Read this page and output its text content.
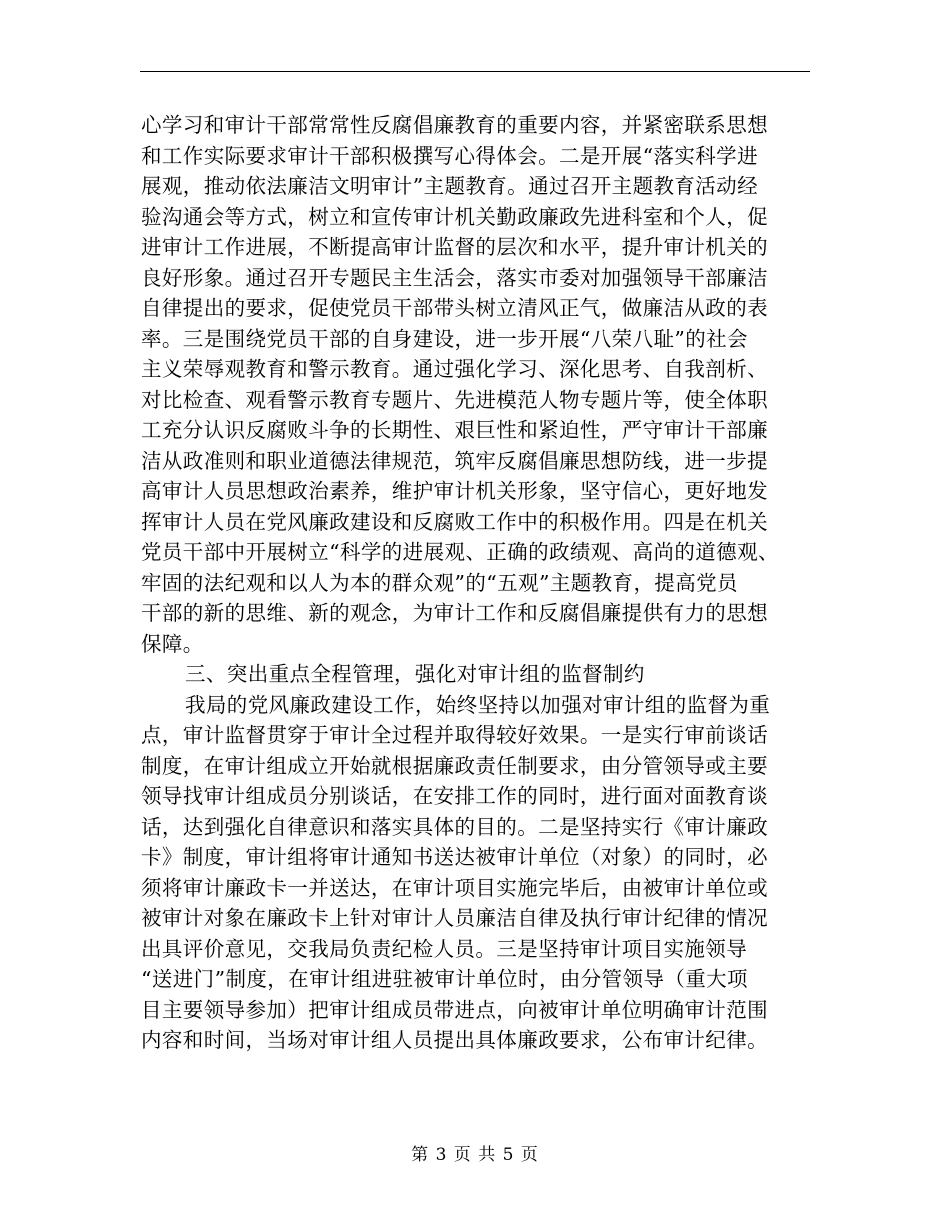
心学习和审计干部常常性反腐倡廉教育的重要内容，并紧密联系思想
和工作实际要求审计干部积极撰写心得体会。二是开展“落实科学进
展观，推动依法廉洁文明审计”主题教育。通过召开主题教育活动经
验沟通会等方式，树立和宣传审计机关勤政廉政先进科室和个人，促
进审计工作进展，不断提高审计监督的层次和水平，提升审计机关的
良好形象。通过召开专题民主生活会，落实市委对加强领导干部廉洁
自律提出的要求，促使党员干部带头树立清风正气，做廉洁从政的表
率。三是围绕党员干部的自身建设，进一步开展“八荣八耻”的社会
主义荣辱观教育和警示教育。通过强化学习、深化思考、自我剖析、
对比检查、观看警示教育专题片、先进模范人物专题片等，使全体职
工充分认识反腐败斗争的长期性、艰巨性和紧迫性，严守审计干部廉
洁从政准则和职业道德法律规范，筑牢反腐倡廉思想防线，进一步提
高审计人员思想政治素养，维护审计机关形象，坚守信心，更好地发
挥审计人员在党风廉政建设和反腐败工作中的积极作用。四是在机关
党员干部中开展树立“科学的进展观、正确的政绩观、高尚的道德观、
牢固的法纪观和以人为本的群众观”的“五观”主题教育，提高党员
干部的新的思维、新的观念，为审计工作和反腐倡廉提供有力的思想
保障。
三、突出重点全程管理，强化对审计组的监督制约
我局的党风廉政建设工作，始终坚持以加强对审计组的监督为重
点，审计监督贯穿于审计全过程并取得较好效果。一是实行审前谈话
制度，在审计组成立开始就根据廉政责任制要求，由分管领导或主要
领导找审计组成员分别谈话，在安排工作的同时，进行面对面教育谈
话，达到强化自律意识和落实具体的目的。二是坚持实行《审计廉政
卡》制度，审计组将审计通知书送达被审计单位（对象）的同时，必
须将审计廉政卡一并送达，在审计项目实施完毕后，由被审计单位或
被审计对象在廉政卡上针对审计人员廉洁自律及执行审计纪律的情况
出具评价意见，交我局负责纪检人员。三是坚持审计项目实施领导
“送进门”制度，在审计组进驻被审计单位时，由分管领导（重大项
目主要领导参加）把审计组成员带进点，向被审计单位明确审计范围
内容和时间，当场对审计组人员提出具体廉政要求，公布审计纪律。
第 3 页 共 5 页
